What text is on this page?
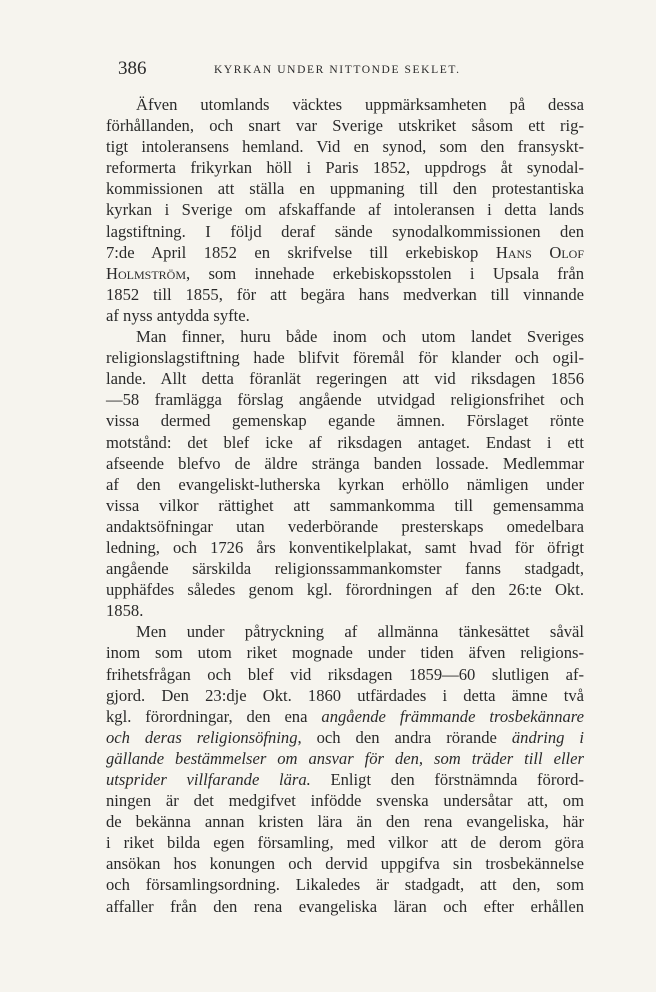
386	KYRKAN UNDER NITTONDE SEKLET.
Äfven utomlands väcktes uppmärksamheten på dessa
förhållanden, och snart var Sverige utskriket såsom ett rig-
tigt intoleransens hemland. Vid en synod, som den fransyskt-
reformerta frikyrkan höll i Paris 1852, uppdrogs åt synodal-
kommissionen att ställa en uppmaning till den protestantiska
kyrkan i Sverige om afskaffande af intoleransen i detta lands
lagstiftning. I följd deraf sände synodalkommissionen den
7:de April 1852 en skrifvelse till erkebiskop Hans Olof
Holmström, som innehade erkebiskopsstolen i Upsala från
1852 till 1855, för att begära hans medverkan till vinnande
af nyss antydda syfte.
Man finner, huru både inom och utom landet Sveriges
religionslagstiftning hade blifvit föremål för klander och ogil-
lande. Allt detta föranlät regeringen att vid riksdagen 1856
—58 framlägga förslag angående utvidgad religionsfrihet och
vissa dermed gemenskap egande ämnen. Förslaget rönte
motstånd: det blef icke af riksdagen antaget. Endast i ett
afseende blefvo de äldre stränga banden lossade. Medlemmar
af den evangeliskt-lutherska kyrkan erhöllo nämligen under
vissa vilkor rättighet att sammankomma till gemensamma
andaktsöfningar utan vederbörande presterskaps omedelbara
ledning, och 1726 års konventikelplakat, samt hvad för öfrigt
angående särskilda religionssammankomster fanns stadgadt,
upphäfdes således genom kgl. förordningen af den 26:te Okt.
1858.
Men under påtryckning af allmänna tänkesättet såväl
inom som utom riket mognade under tiden äfven religions-
frihetsfrågan och blef vid riksdagen 1859—60 slutligen af-
gjord. Den 23:dje Okt. 1860 utfärdades i detta ämne två
kgl. förordningar, den ena angående främmande trosbekännare
och deras religionsöfning, och den andra rörande ändring i
gällande bestämmelser om ansvar för den, som träder till eller
utsprider villfarande lära. Enligt den förstnämnda förord-
ningen är det medgifvet infödde svenska undersåtar att, om
de bekänna annan kristen lära än den rena evangeliska, här
i riket bilda egen församling, med vilkor att de derom göra
ansökan hos konungen och dervid uppgifva sin trosbekännelse
och församlingsordning. Likaledes är stadgadt, att den, som
affaller från den rena evangeliska läran och efter erhållen
